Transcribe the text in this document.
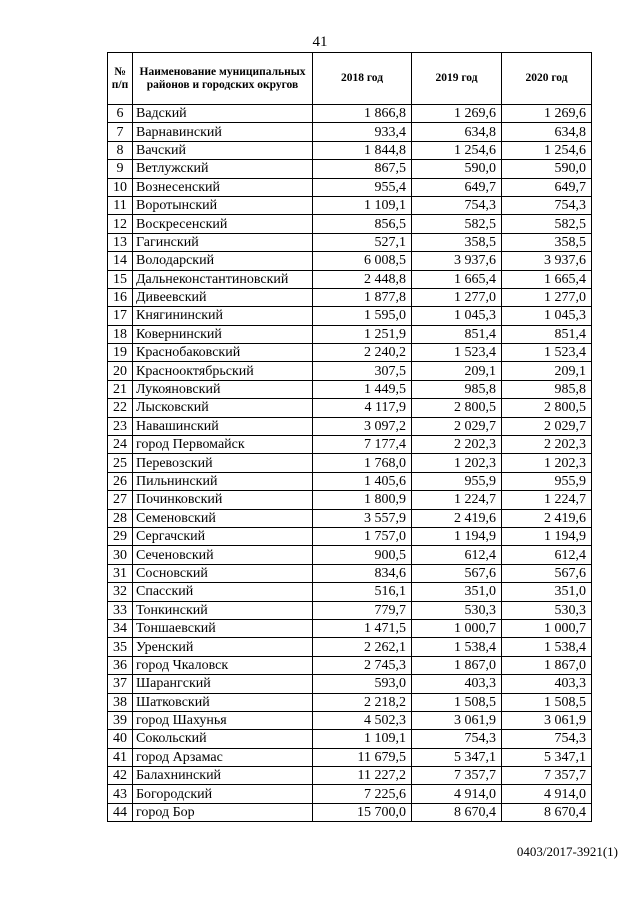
41
№ п/п	Наименование муниципальных районов и городских округов	2018 год	2019 год	2020 год
6	Вадский	1 866,8	1 269,6	1 269,6
7	Варнавинский	933,4	634,8	634,8
8	Вачский	1 844,8	1 254,6	1 254,6
9	Ветлужский	867,5	590,0	590,0
10	Вознесенский	955,4	649,7	649,7
11	Воротынский	1 109,1	754,3	754,3
12	Воскресенский	856,5	582,5	582,5
13	Гагинский	527,1	358,5	358,5
14	Володарский	6 008,5	3 937,6	3 937,6
15	Дальнеконстантиновский	2 448,8	1 665,4	1 665,4
16	Дивеевский	1 877,8	1 277,0	1 277,0
17	Княгининский	1 595,0	1 045,3	1 045,3
18	Ковернинский	1 251,9	851,4	851,4
19	Краснобаковский	2 240,2	1 523,4	1 523,4
20	Краснооктябрьский	307,5	209,1	209,1
21	Лукояновский	1 449,5	985,8	985,8
22	Лысковский	4 117,9	2 800,5	2 800,5
23	Навашинский	3 097,2	2 029,7	2 029,7
24	город Первомайск	7 177,4	2 202,3	2 202,3
25	Перевозский	1 768,0	1 202,3	1 202,3
26	Пильнинский	1 405,6	955,9	955,9
27	Починковский	1 800,9	1 224,7	1 224,7
28	Семеновский	3 557,9	2 419,6	2 419,6
29	Сергачский	1 757,0	1 194,9	1 194,9
30	Сеченовский	900,5	612,4	612,4
31	Сосновский	834,6	567,6	567,6
32	Спасский	516,1	351,0	351,0
33	Тонкинский	779,7	530,3	530,3
34	Тоншаевский	1 471,5	1 000,7	1 000,7
35	Уренский	2 262,1	1 538,4	1 538,4
36	город Чкаловск	2 745,3	1 867,0	1 867,0
37	Шарангский	593,0	403,3	403,3
38	Шатковский	2 218,2	1 508,5	1 508,5
39	город Шахунья	4 502,3	3 061,9	3 061,9
40	Сокольский	1 109,1	754,3	754,3
41	город Арзамас	11 679,5	5 347,1	5 347,1
42	Балахнинский	11 227,2	7 357,7	7 357,7
43	Богородский	7 225,6	4 914,0	4 914,0
44	город Бор	15 700,0	8 670,4	8 670,4
0403/2017-3921(1)
